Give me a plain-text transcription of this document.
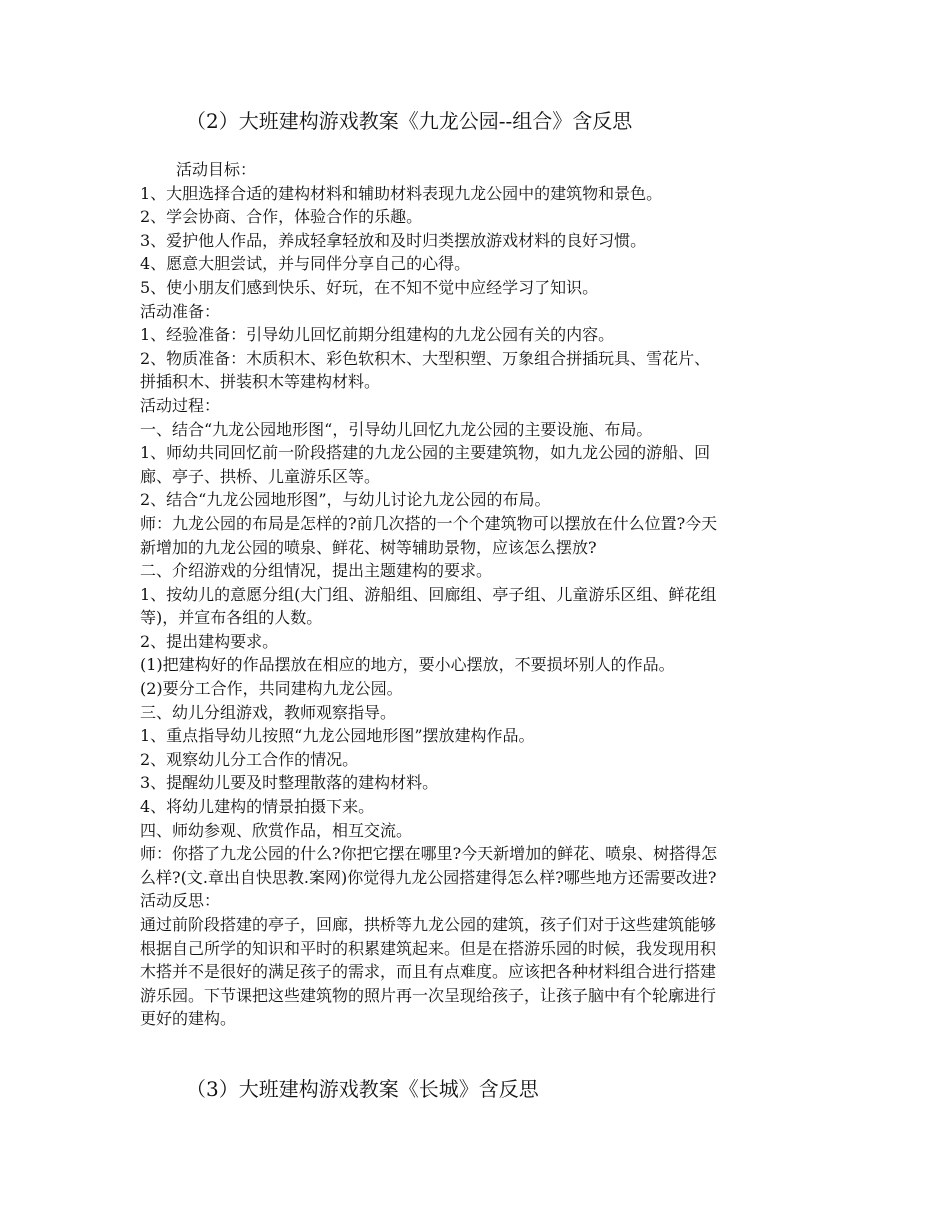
（2）大班建构游戏教案《九龙公园--组合》含反思
活动目标：
1、大胆选择合适的建构材料和辅助材料表现九龙公园中的建筑物和景色。
2、学会协商、合作，体验合作的乐趣。
3、爱护他人作品，养成轻拿轻放和及时归类摆放游戏材料的良好习惯。
4、愿意大胆尝试，并与同伴分享自己的心得。
5、使小朋友们感到快乐、好玩，在不知不觉中应经学习了知识。
活动准备：
1、经验准备：引导幼儿回忆前期分组建构的九龙公园有关的内容。
2、物质准备：木质积木、彩色软积木、大型积塑、万象组合拼插玩具、雪花片、
拼插积木、拼装积木等建构材料。
活动过程：
一、结合“九龙公园地形图“，引导幼儿回忆九龙公园的主要设施、布局。
1、师幼共同回忆前一阶段搭建的九龙公园的主要建筑物，如九龙公园的游船、回
廊、亭子、拱桥、儿童游乐区等。
2、结合“九龙公园地形图”，与幼儿讨论九龙公园的布局。
师：九龙公园的布局是怎样的?前几次搭的一个个建筑物可以摆放在什么位置?今天
新增加的九龙公园的喷泉、鲜花、树等辅助景物，应该怎么摆放?
二、介绍游戏的分组情况，提出主题建构的要求。
1、按幼儿的意愿分组(大门组、游船组、回廊组、亭子组、儿童游乐区组、鲜花组
等)，并宣布各组的人数。
2、提出建构要求。
(1)把建构好的作品摆放在相应的地方，要小心摆放，不要损坏别人的作品。
(2)要分工合作，共同建构九龙公园。
三、幼儿分组游戏，教师观察指导。
1、重点指导幼儿按照“九龙公园地形图”摆放建构作品。
2、观察幼儿分工合作的情况。
3、提醒幼儿要及时整理散落的建构材料。
4、将幼儿建构的情景拍摄下来。
四、师幼参观、欣赏作品，相互交流。
师：你搭了九龙公园的什么?你把它摆在哪里?今天新增加的鲜花、喷泉、树搭得怎
么样?(文.章出自快思教.案网)你觉得九龙公园搭建得怎么样?哪些地方还需要改进?
活动反思：
通过前阶段搭建的亭子，回廊，拱桥等九龙公园的建筑，孩子们对于这些建筑能够
根据自己所学的知识和平时的积累建筑起来。但是在搭游乐园的时候，我发现用积
木搭并不是很好的满足孩子的需求，而且有点难度。应该把各种材料组合进行搭建
游乐园。下节课把这些建筑物的照片再一次呈现给孩子，让孩子脑中有个轮廓进行
更好的建构。
（3）大班建构游戏教案《长城》含反思
